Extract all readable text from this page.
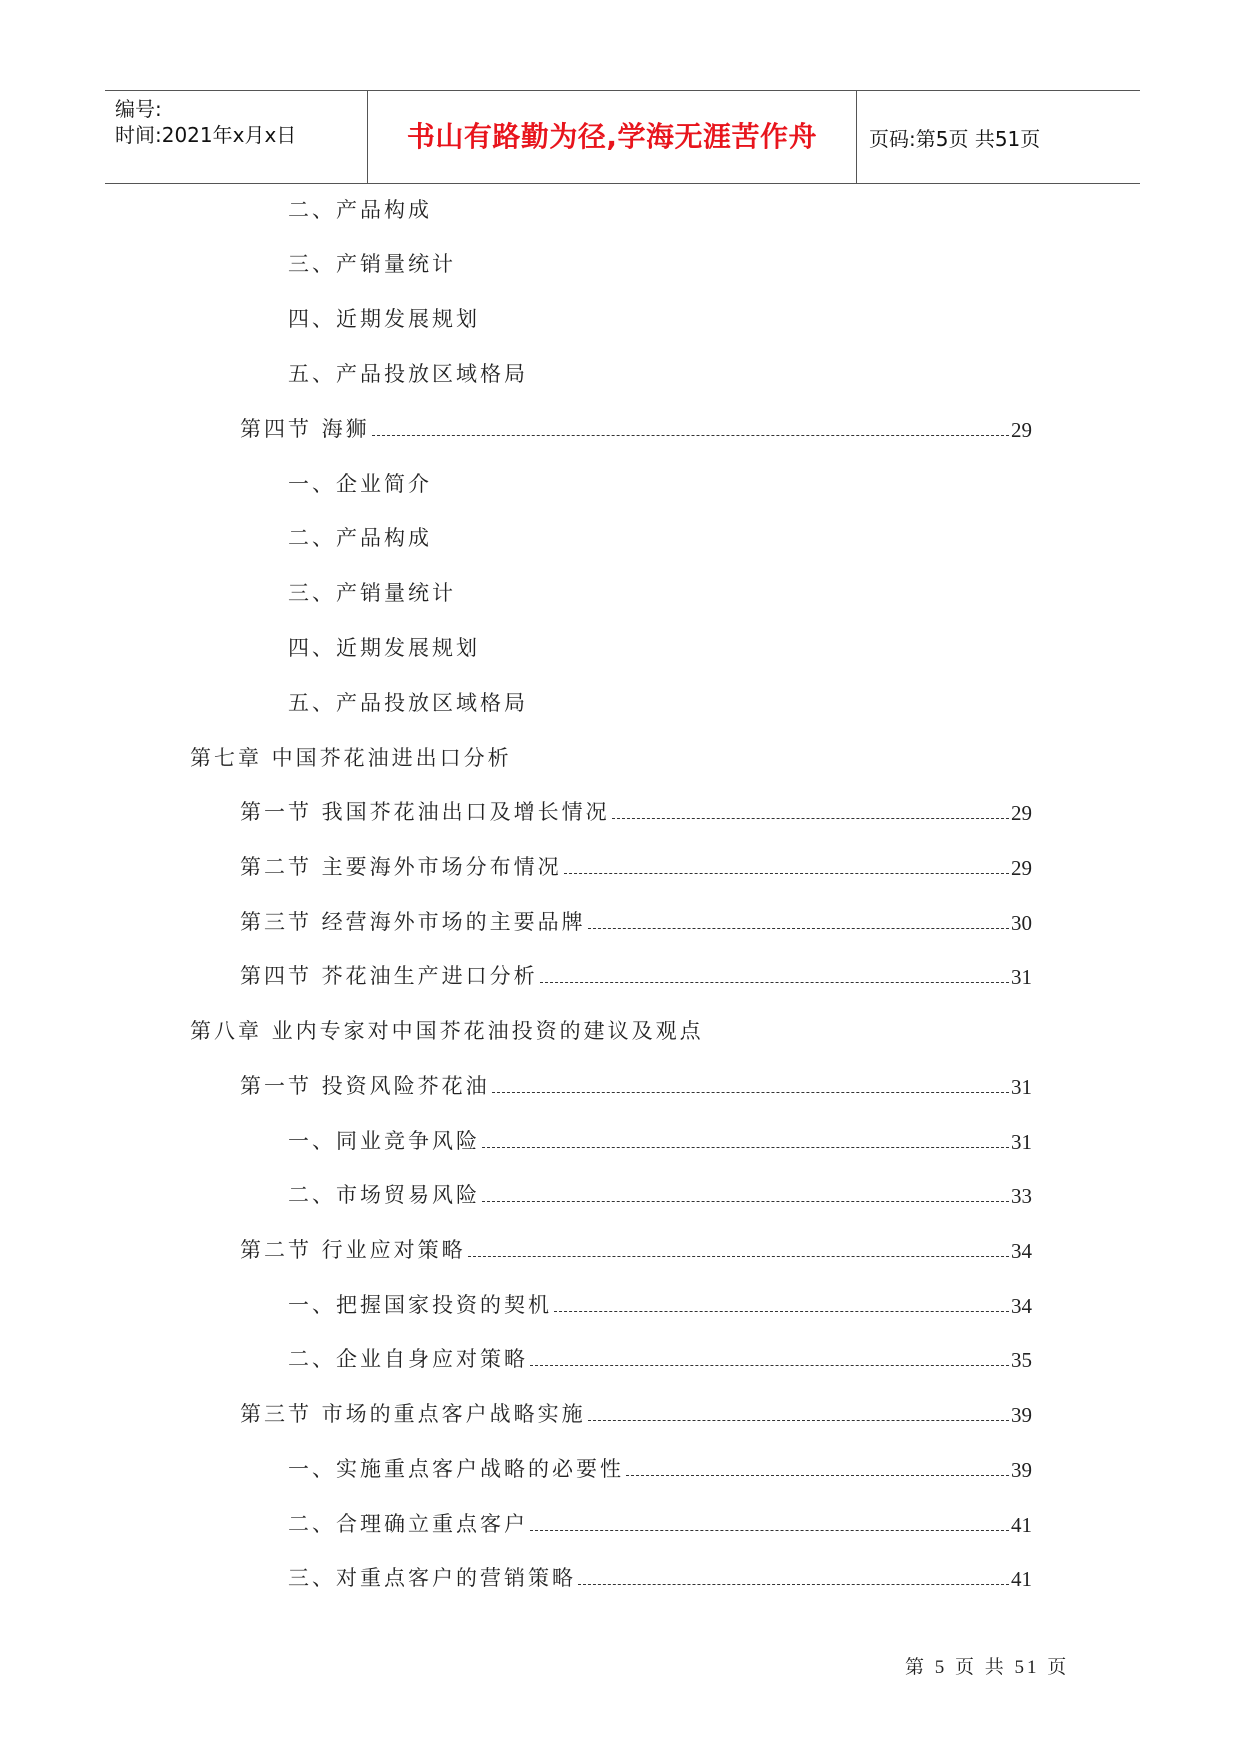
编号:
时间:2021年x月x日	书山有路勤为径,学海无涯苦作舟	页码:第5页 共51页
二、产品构成
三、产销量统计
四、近期发展规划
五、产品投放区域格局
第四节 海狮	29
一、企业简介
二、产品构成
三、产销量统计
四、近期发展规划
五、产品投放区域格局
第七章 中国芥花油进出口分析
第一节 我国芥花油出口及增长情况	29
第二节 主要海外市场分布情况	29
第三节 经营海外市场的主要品牌	30
第四节 芥花油生产进口分析	31
第八章 业内专家对中国芥花油投资的建议及观点
第一节 投资风险芥花油	31
一、同业竞争风险	31
二、市场贸易风险	33
第二节 行业应对策略	34
一、把握国家投资的契机	34
二、企业自身应对策略	35
第三节 市场的重点客户战略实施	39
一、实施重点客户战略的必要性	39
二、合理确立重点客户	41
三、对重点客户的营销策略	41
第 5 页 共 51 页
